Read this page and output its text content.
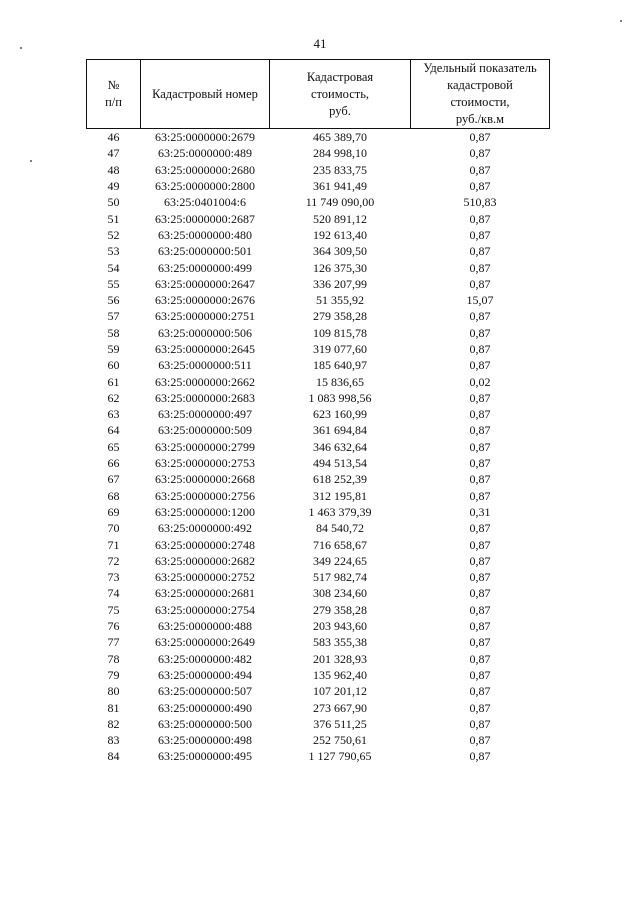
41
№
п/п	Кадастровый номер	Кадастровая
стоимость,
руб.	Удельный показатель
кадастровой
стоимости,
руб./кв.м

46	63:25:0000000:2679	465 389,70	0,87
47	63:25:0000000:489	284 998,10	0,87
48	63:25:0000000:2680	235 833,75	0,87
49	63:25:0000000:2800	361 941,49	0,87
50	63:25:0401004:6	11 749 090,00	510,83
51	63:25:0000000:2687	520 891,12	0,87
52	63:25:0000000:480	192 613,40	0,87
53	63:25:0000000:501	364 309,50	0,87
54	63:25:0000000:499	126 375,30	0,87
55	63:25:0000000:2647	336 207,99	0,87
56	63:25:0000000:2676	51 355,92	15,07
57	63:25:0000000:2751	279 358,28	0,87
58	63:25:0000000:506	109 815,78	0,87
59	63:25:0000000:2645	319 077,60	0,87
60	63:25:0000000:511	185 640,97	0,87
61	63:25:0000000:2662	15 836,65	0,02
62	63:25:0000000:2683	1 083 998,56	0,87
63	63:25:0000000:497	623 160,99	0,87
64	63:25:0000000:509	361 694,84	0,87
65	63:25:0000000:2799	346 632,64	0,87
66	63:25:0000000:2753	494 513,54	0,87
67	63:25:0000000:2668	618 252,39	0,87
68	63:25:0000000:2756	312 195,81	0,87
69	63:25:0000000:1200	1 463 379,39	0,31
70	63:25:0000000:492	84 540,72	0,87
71	63:25:0000000:2748	716 658,67	0,87
72	63:25:0000000:2682	349 224,65	0,87
73	63:25:0000000:2752	517 982,74	0,87
74	63:25:0000000:2681	308 234,60	0,87
75	63:25:0000000:2754	279 358,28	0,87
76	63:25:0000000:488	203 943,60	0,87
77	63:25:0000000:2649	583 355,38	0,87
78	63:25:0000000:482	201 328,93	0,87
79	63:25:0000000:494	135 962,40	0,87
80	63:25:0000000:507	107 201,12	0,87
81	63:25:0000000:490	273 667,90	0,87
82	63:25:0000000:500	376 511,25	0,87
83	63:25:0000000:498	252 750,61	0,87
84	63:25:0000000:495	1 127 790,65	0,87
